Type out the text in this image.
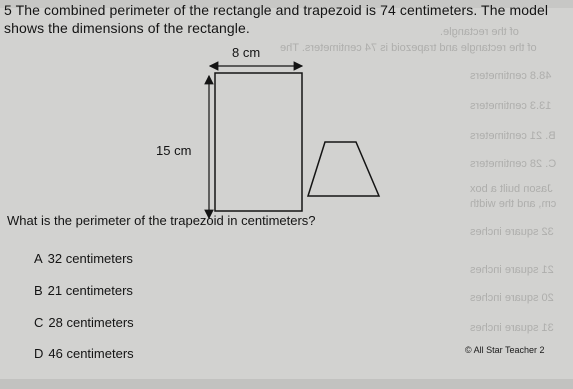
of the rectangle and trapezoid is 74 centimeters. The
of the rectangle.
48.8 centimeters
13.3 centimeters
B. 21 centimeters
C. 28 centimeters
Jason built a box
cm, and the width
32 square inches
21 square inches
20 square inches
31 square inches
5 The combined perimeter of the rectangle and trapezoid is 74 centimeters. The model shows the dimensions of the rectangle.
8 cm
15 cm
What is the perimeter of the trapezoid in centimeters?
A 32 centimeters
B 21 centimeters
C 28 centimeters
D 46 centimeters	© All Star Teacher 2
